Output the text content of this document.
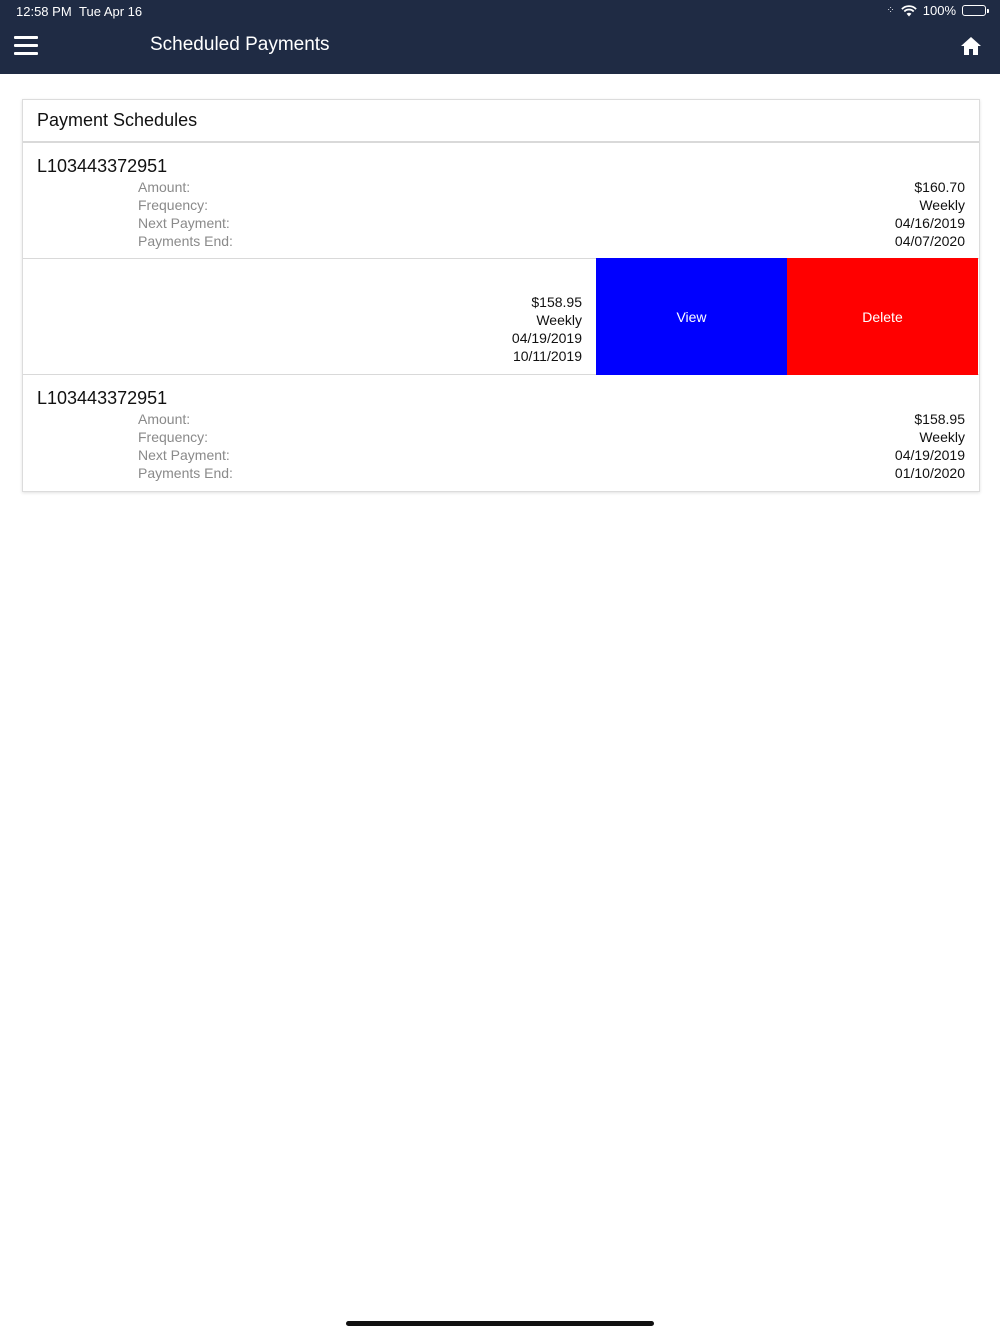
12:58 PM Tue Apr 16	⁘ 100%
Scheduled Payments
Payment Schedules
L103443372951
Amount:
Frequency:
Next Payment:
Payments End:
$160.70
Weekly
04/16/2019
04/07/2020
$158.95
Weekly
04/19/2019
10/11/2019
View	Delete
L103443372951
Amount:
Frequency:
Next Payment:
Payments End:
$158.95
Weekly
04/19/2019
01/10/2020
